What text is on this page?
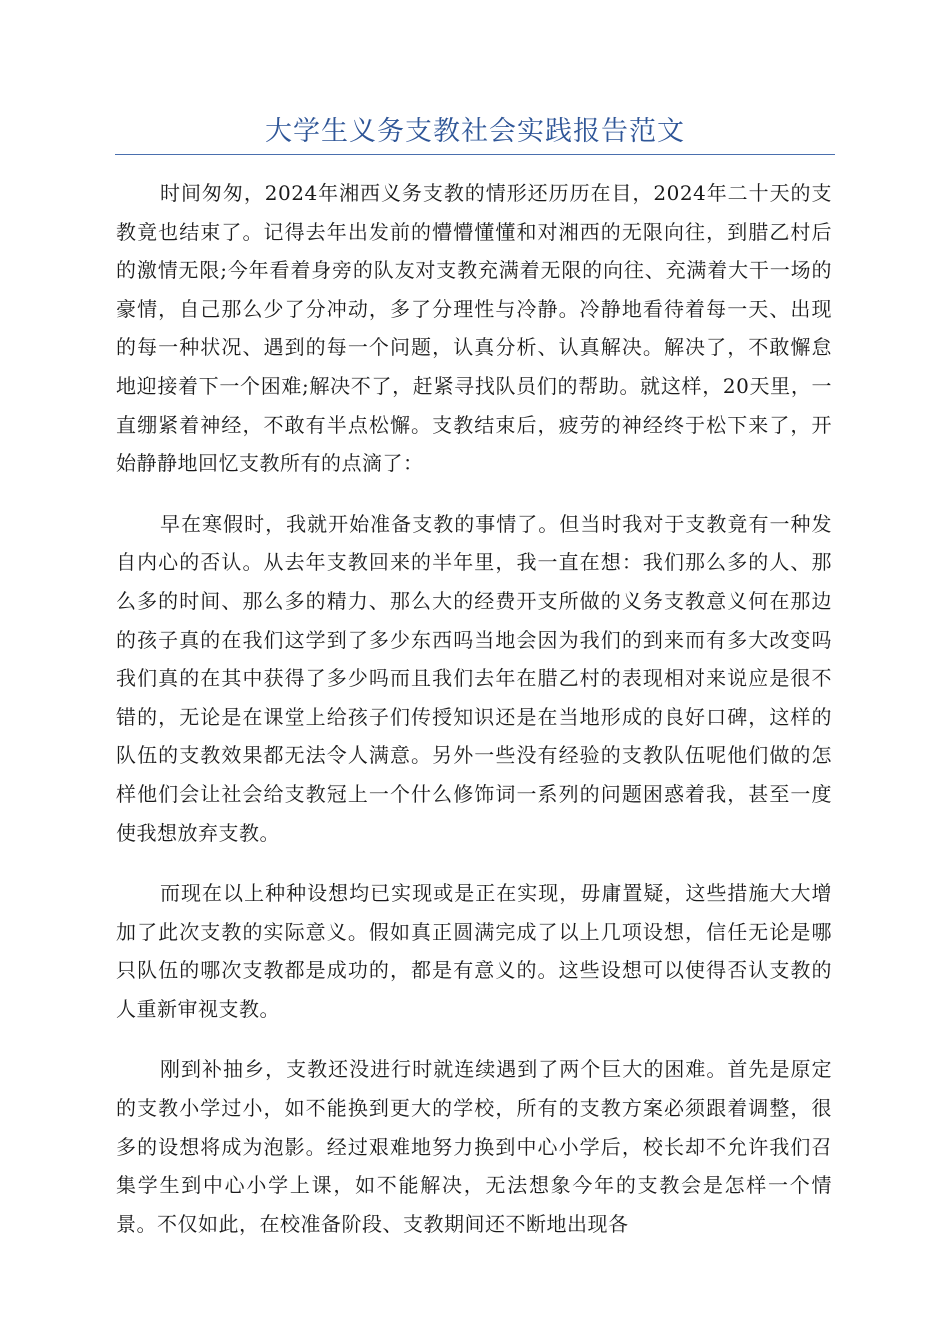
大学生义务支教社会实践报告范文

时间匆匆，2024年湘西义务支教的情形还历历在目，2024年二十天的支教竟也结束了。记得去年出发前的懵懵懂懂和对湘西的无限向往，到腊乙村后的激情无限;今年看着身旁的队友对支教充满着无限的向往、充满着大干一场的豪情，自己那么少了分冲动，多了分理性与冷静。冷静地看待着每一天、出现的每一种状况、遇到的每一个问题，认真分析、认真解决。解决了，不敢懈怠地迎接着下一个困难;解决不了，赶紧寻找队员们的帮助。就这样，20天里，一直绷紧着神经，不敢有半点松懈。支教结束后，疲劳的神经终于松下来了，开始静静地回忆支教所有的点滴了：

早在寒假时，我就开始准备支教的事情了。但当时我对于支教竟有一种发自内心的否认。从去年支教回来的半年里，我一直在想：我们那么多的人、那么多的时间、那么多的精力、那么大的经费开支所做的义务支教意义何在那边的孩子真的在我们这学到了多少东西吗当地会因为我们的到来而有多大改变吗我们真的在其中获得了多少吗而且我们去年在腊乙村的表现相对来说应是很不错的，无论是在课堂上给孩子们传授知识还是在当地形成的良好口碑，这样的队伍的支教效果都无法令人满意。另外一些没有经验的支教队伍呢他们做的怎样他们会让社会给支教冠上一个什么修饰词一系列的问题困惑着我，甚至一度使我想放弃支教。

而现在以上种种设想均已实现或是正在实现，毋庸置疑，这些措施大大增加了此次支教的实际意义。假如真正圆满完成了以上几项设想，信任无论是哪只队伍的哪次支教都是成功的，都是有意义的。这些设想可以使得否认支教的人重新审视支教。

刚到补抽乡，支教还没进行时就连续遇到了两个巨大的困难。首先是原定的支教小学过小，如不能换到更大的学校，所有的支教方案必须跟着调整，很多的设想将成为泡影。经过艰难地努力换到中心小学后，校长却不允许我们召集学生到中心小学上课，如不能解决，无法想象今年的支教会是怎样一个情景。不仅如此，在校准备阶段、支教期间还不断地出现各
